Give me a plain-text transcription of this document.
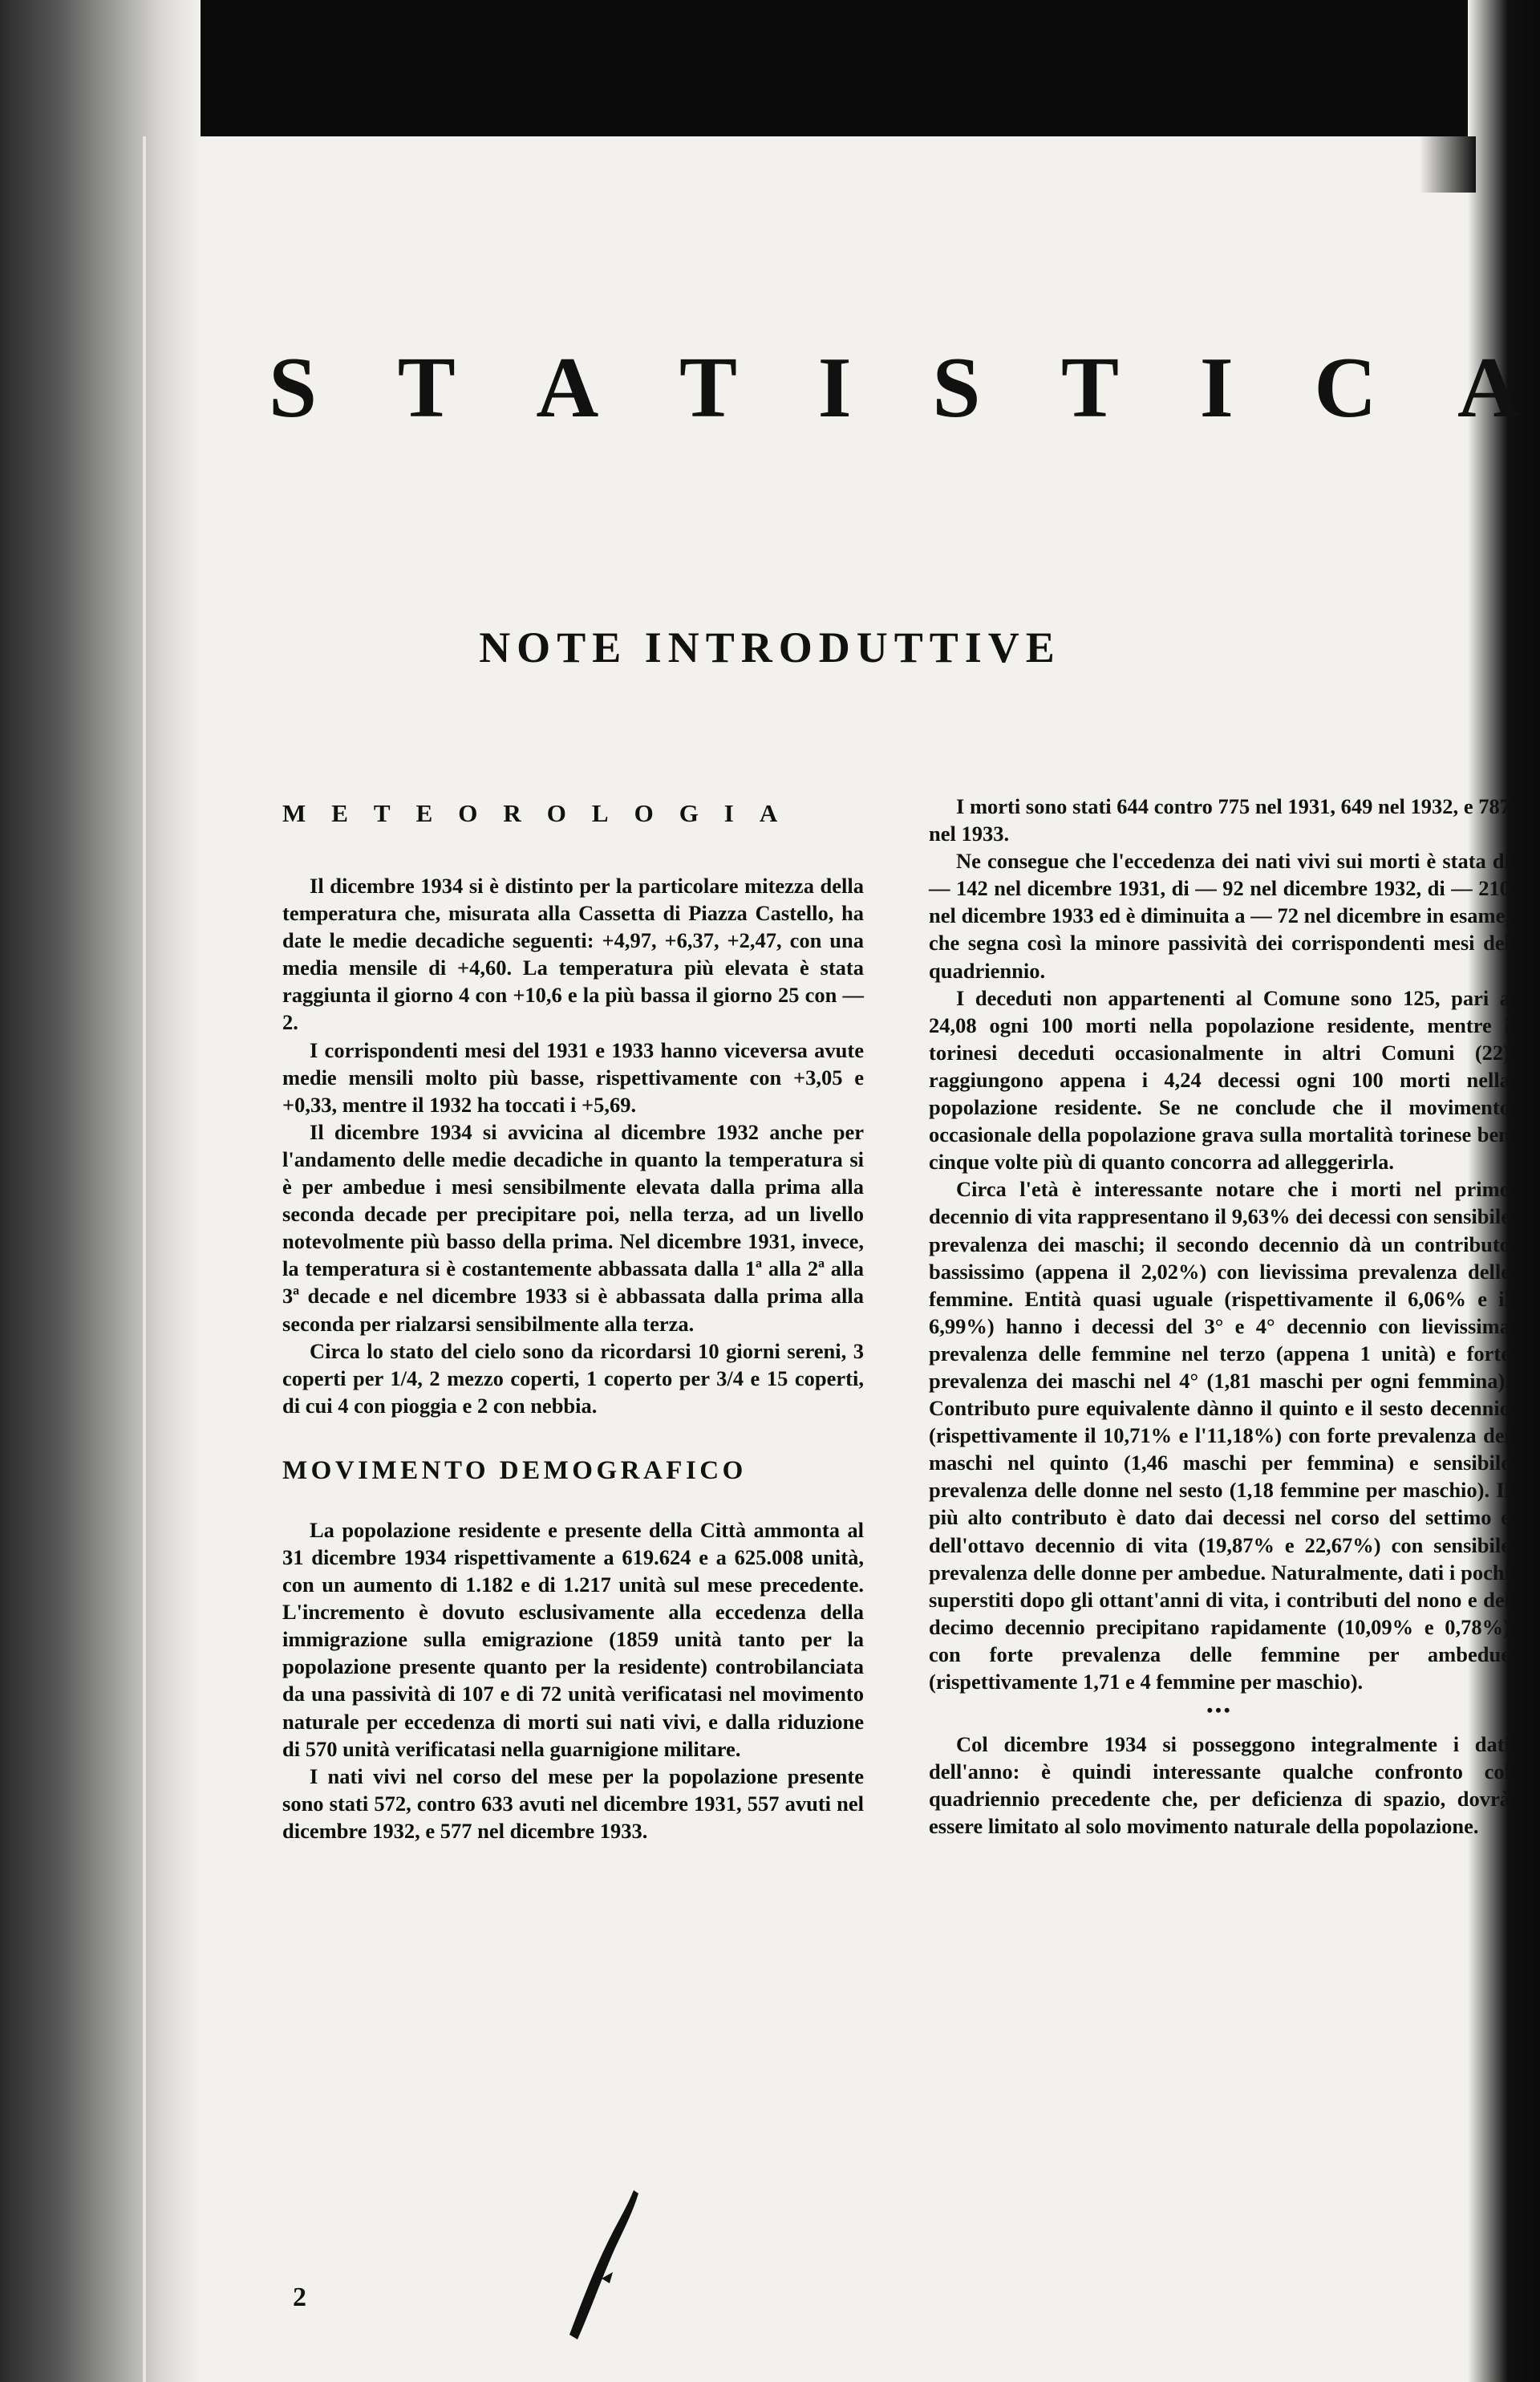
S T A T I S T I C A
NOTE INTRODUTTIVE
METEOROLOGIA

Il dicembre 1934 si è distinto per la particolare mitezza della temperatura che, misurata alla Cassetta di Piazza Castello, ha date le medie decadiche seguenti: +4,97, +6,37, +2,47, con una media mensile di +4,60. La temperatura più elevata è stata raggiunta il giorno 4 con +10,6 e la più bassa il giorno 25 con — 2.

I corrispondenti mesi del 1931 e 1933 hanno viceversa avute medie mensili molto più basse, rispettivamente con +3,05 e +0,33, mentre il 1932 ha toccati i +5,69.

Il dicembre 1934 si avvicina al dicembre 1932 anche per l'andamento delle medie decadiche in quanto la temperatura si è per ambedue i mesi sensibilmente elevata dalla prima alla seconda decade per precipitare poi, nella terza, ad un livello notevolmente più basso della prima. Nel dicembre 1931, invece, la temperatura si è costantemente abbassata dalla 1ª alla 2ª alla 3ª decade e nel dicembre 1933 si è abbassata dalla prima alla seconda per rialzarsi sensibilmente alla terza.

Circa lo stato del cielo sono da ricordarsi 10 giorni sereni, 3 coperti per 1/4, 2 mezzo coperti, 1 coperto per 3/4 e 15 coperti, di cui 4 con pioggia e 2 con nebbia.

MOVIMENTO DEMOGRAFICO

La popolazione residente e presente della Città ammonta al 31 dicembre 1934 rispettivamente a 619.624 e a 625.008 unità, con un aumento di 1.182 e di 1.217 unità sul mese precedente. L'incremento è dovuto esclusivamente alla eccedenza della immigrazione sulla emigrazione (1859 unità tanto per la popolazione presente quanto per la residente) controbilanciata da una passività di 107 e di 72 unità verificatasi nel movimento naturale per eccedenza di morti sui nati vivi, e dalla riduzione di 570 unità verificatasi nella guarnigione militare.

I nati vivi nel corso del mese per la popolazione presente sono stati 572, contro 633 avuti nel dicembre 1931, 557 avuti nel dicembre 1932, e 577 nel dicembre 1933.

I morti sono stati 644 contro 775 nel 1931, 649 nel 1932, e 787 nel 1933.

Ne consegue che l'eccedenza dei nati vivi sui morti è stata di — 142 nel dicembre 1931, di — 92 nel dicembre 1932, di — 210 nel dicembre 1933 ed è diminuita a — 72 nel dicembre in esame, che segna così la minore passività dei corrispondenti mesi del quadriennio.

I deceduti non appartenenti al Comune sono 125, pari a 24,08 ogni 100 morti nella popolazione residente, mentre i torinesi deceduti occasionalmente in altri Comuni (22) raggiungono appena i 4,24 decessi ogni 100 morti nella popolazione residente. Se ne conclude che il movimento occasionale della popolazione grava sulla mortalità torinese ben cinque volte più di quanto concorra ad alleggerirla.

Circa l'età è interessante notare che i morti nel primo decennio di vita rappresentano il 9,63% dei decessi con sensibile prevalenza dei maschi; il secondo decennio dà un contributo bassissimo (appena il 2,02%) con lievissima prevalenza delle femmine. Entità quasi uguale (rispettivamente il 6,06% e il 6,99%) hanno i decessi del 3° e 4° decennio con lievissima prevalenza delle femmine nel terzo (appena 1 unità) e forte prevalenza dei maschi nel 4° (1,81 maschi per ogni femmina). Contributo pure equivalente dànno il quinto e il sesto decennio (rispettivamente il 10,71% e l'11,18%) con forte prevalenza dei maschi nel quinto (1,46 maschi per femmina) e sensibile prevalenza delle donne nel sesto (1,18 femmine per maschio). Il più alto contributo è dato dai decessi nel corso del settimo e dell'ottavo decennio di vita (19,87% e 22,67%) con sensibile prevalenza delle donne per ambedue. Naturalmente, dati i pochi superstiti dopo gli ottant'anni di vita, i contributi del nono e del decimo decennio precipitano rapidamente (10,09% e 0,78%) con forte prevalenza delle femmine per ambedue (rispettivamente 1,71 e 4 femmine per maschio).

•••

Col dicembre 1934 si posseggono integralmente i dati dell'anno: è quindi interessante qualche confronto col quadriennio precedente che, per deficienza di spazio, dovrà essere limitato al solo movimento naturale della popolazione.

2
